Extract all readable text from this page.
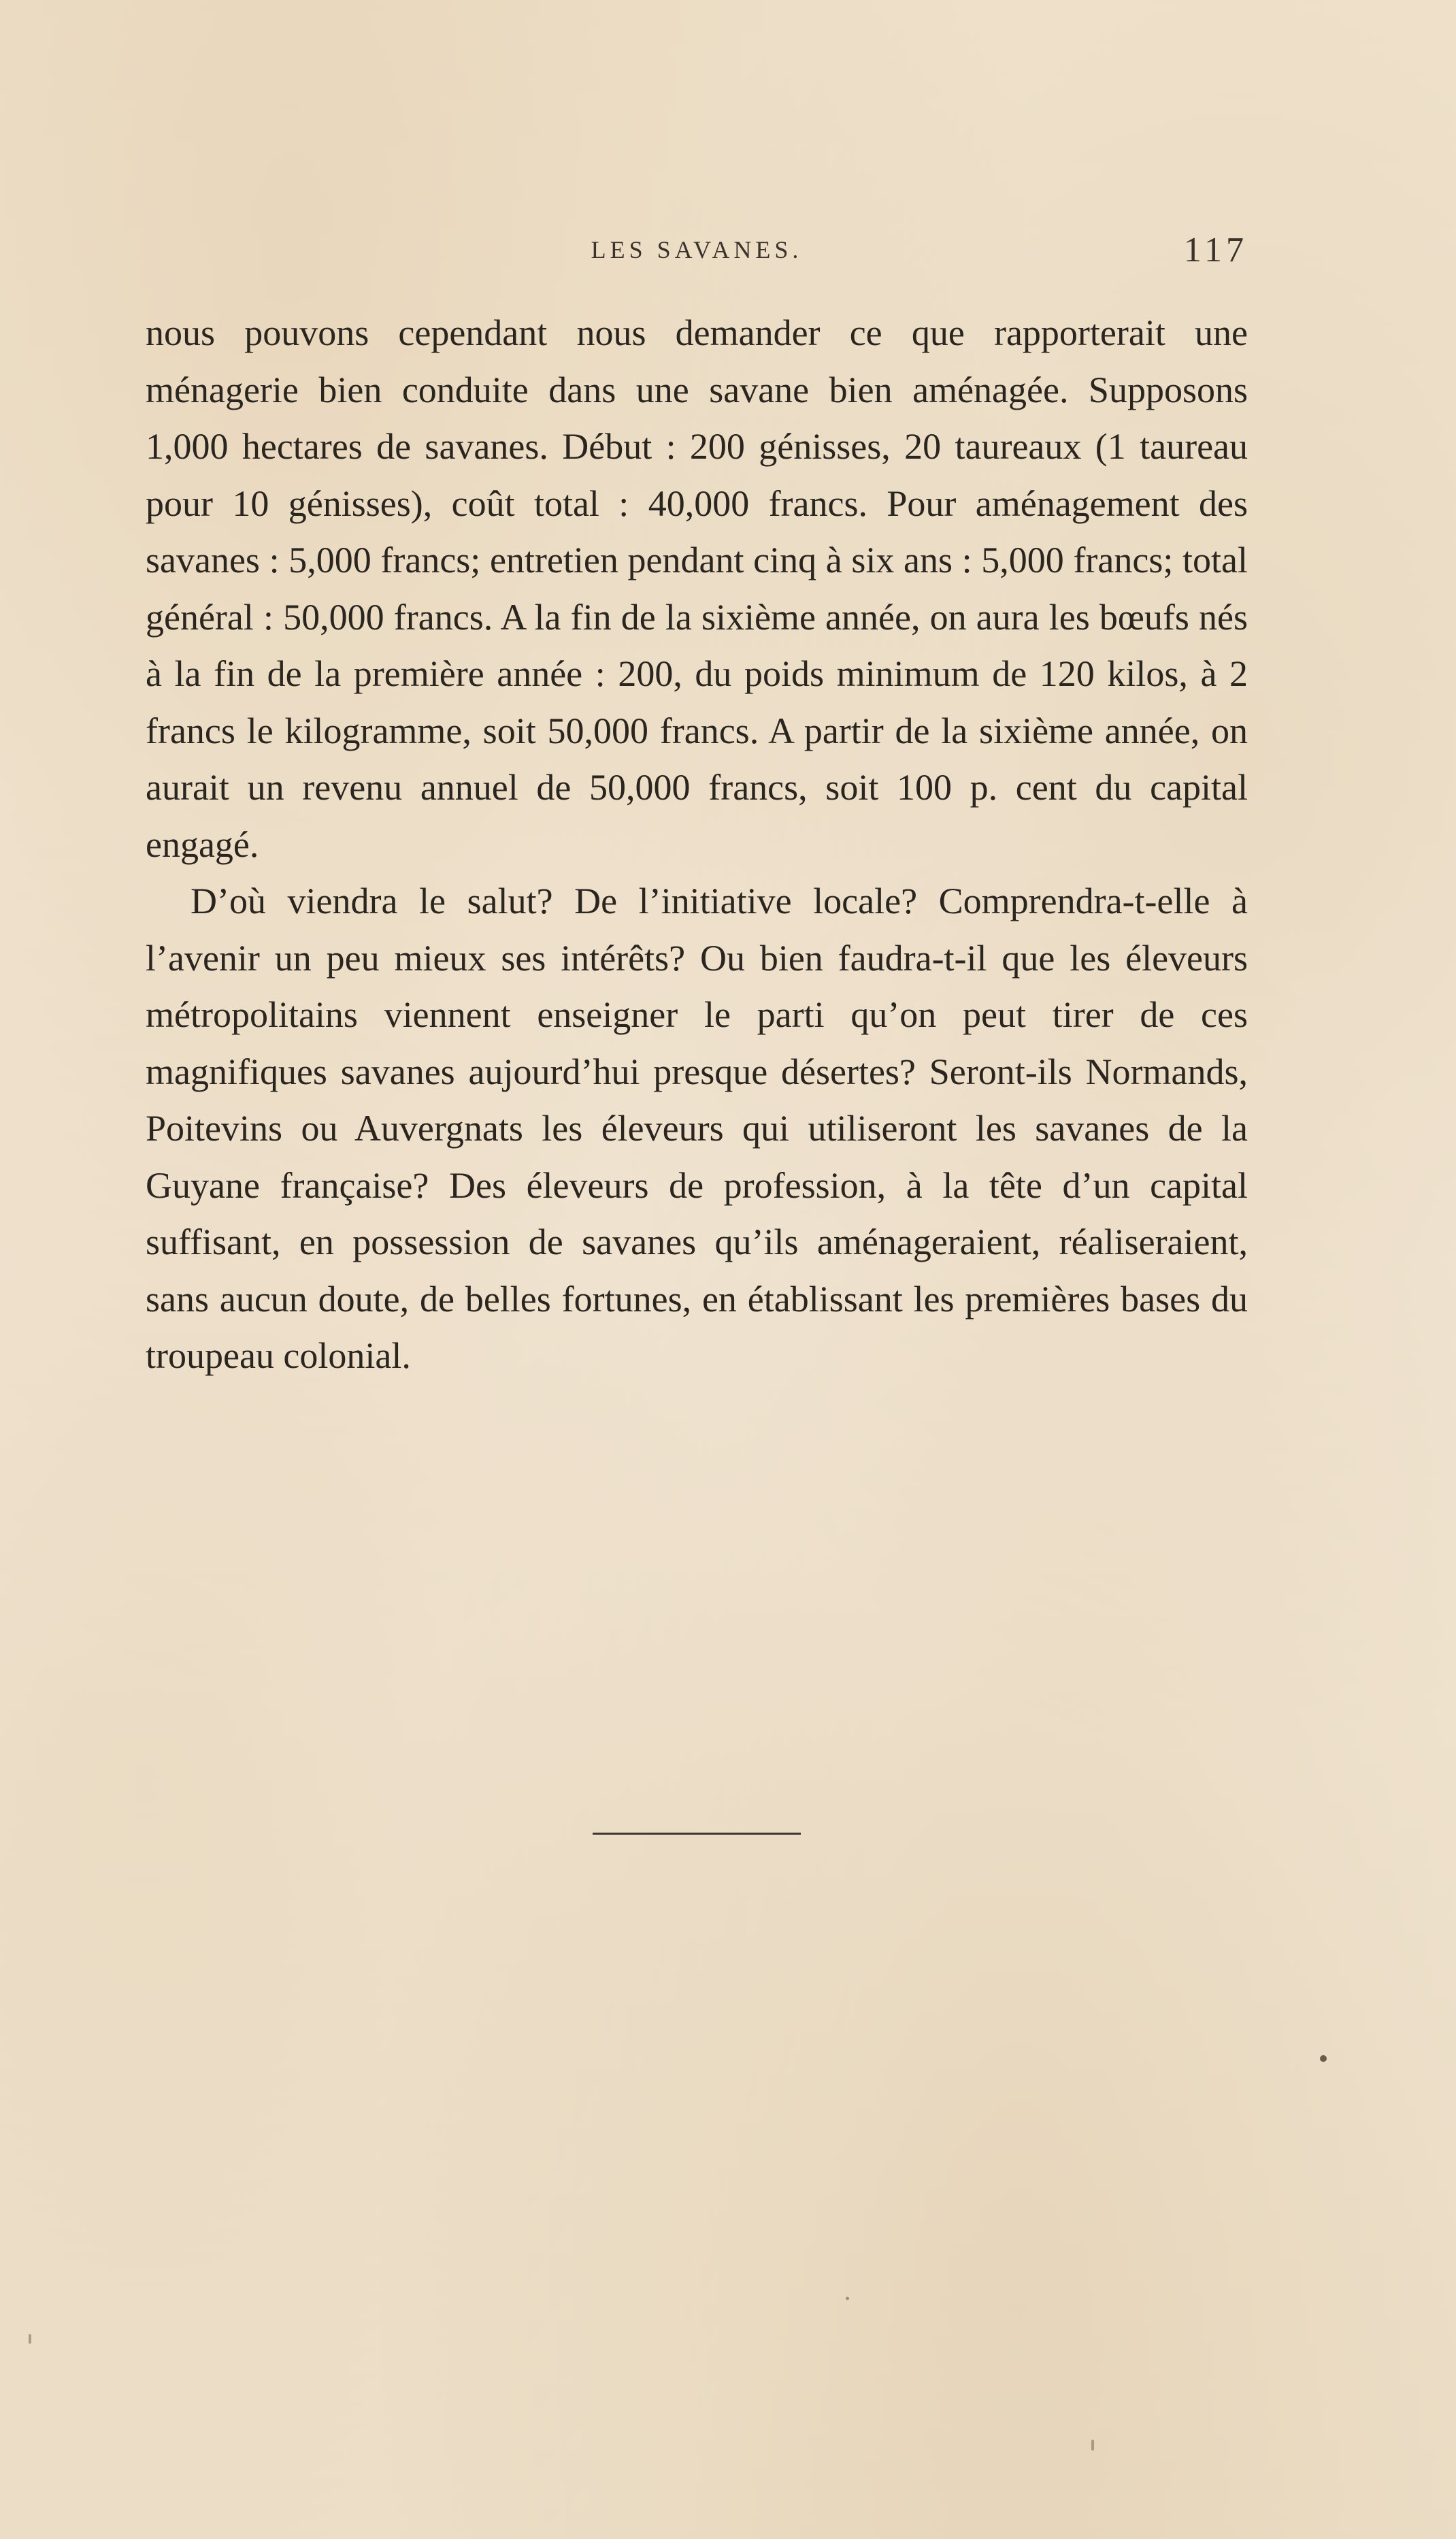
LES SAVANES.	117

nous pouvons cependant nous demander ce que rapporterait une ménagerie bien conduite dans une savane bien aménagée. Supposons 1,000 hectares de savanes. Début : 200 génisses, 20 taureaux (1 taureau pour 10 génisses), coût total : 40,000 francs. Pour aménagement des savanes : 5,000 francs; entretien pendant cinq à six ans : 5,000 francs; total général : 50,000 francs. A la fin de la sixième année, on aura les bœufs nés à la fin de la première année : 200, du poids minimum de 120 kilos, à 2 francs le kilogramme, soit 50,000 francs. A partir de la sixième année, on aurait un revenu annuel de 50,000 francs, soit 100 p. cent du capital engagé.

D’où viendra le salut? De l’initiative locale? Comprendra-t-elle à l’avenir un peu mieux ses intérêts? Ou bien faudra-t-il que les éleveurs métropolitains viennent enseigner le parti qu’on peut tirer de ces magnifiques savanes aujourd’hui presque désertes? Seront-ils Normands, Poitevins ou Auvergnats les éleveurs qui utiliseront les savanes de la Guyane française? Des éleveurs de profession, à la tête d’un capital suffisant, en possession de savanes qu’ils aménageraient, réaliseraient, sans aucun doute, de belles fortunes, en établissant les premières bases du troupeau colonial.
